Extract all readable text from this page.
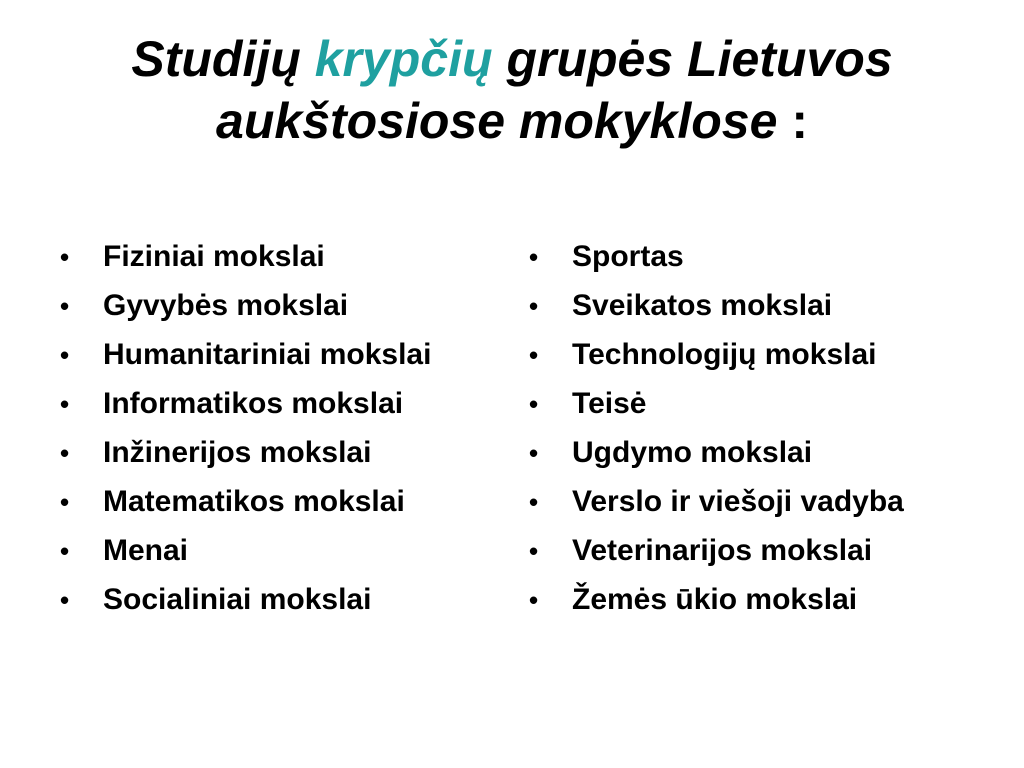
Studijų krypčių grupės Lietuvos aukštosiose mokyklose :
•	Fiziniai mokslai
•	Gyvybės mokslai
•	Humanitariniai mokslai
•	Informatikos mokslai
•	Inžinerijos mokslai
•	Matematikos mokslai
•	Menai
•	Socialiniai mokslai
•	Sportas
•	Sveikatos mokslai
•	Technologijų mokslai
•	Teisė
•	Ugdymo mokslai
•	Verslo ir viešoji vadyba
•	Veterinarijos mokslai
•	Žemės ūkio mokslai
